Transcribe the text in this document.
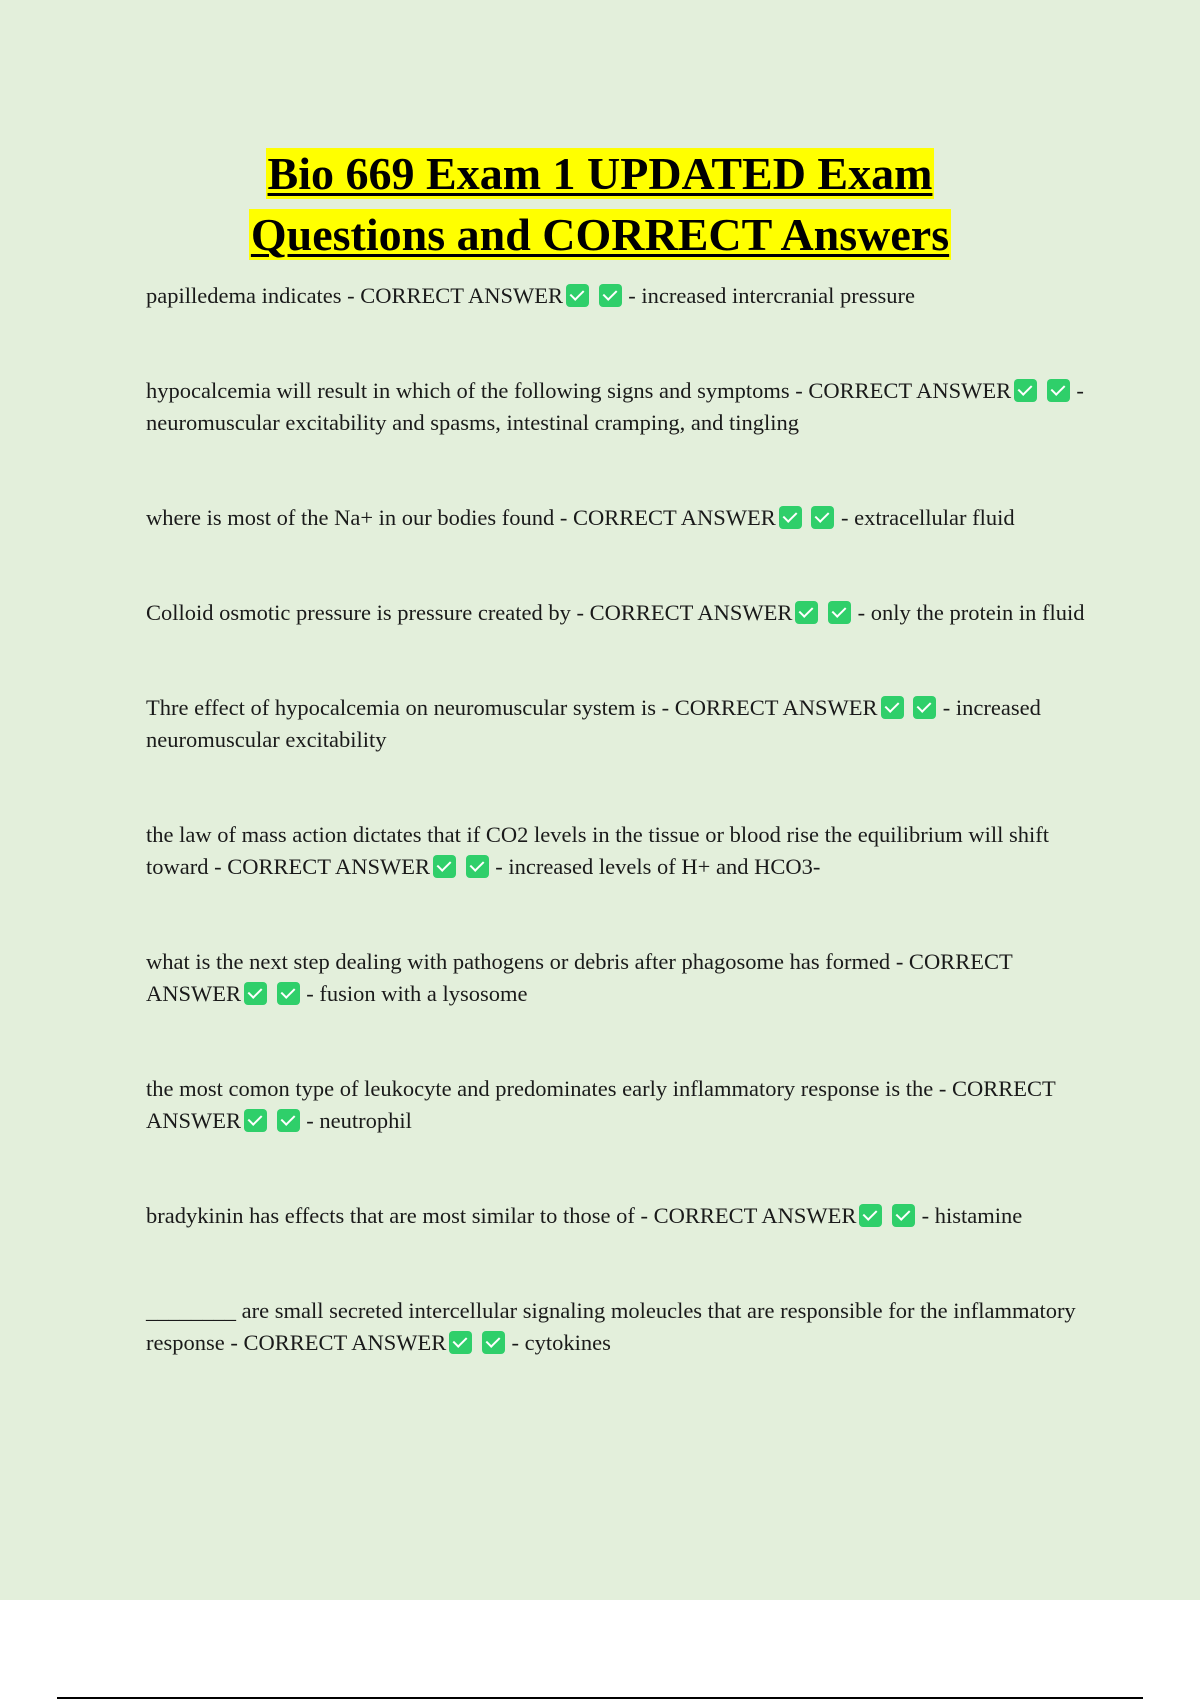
Bio 669 Exam 1 UPDATED Exam
Questions and CORRECT Answers

papilledema indicates - CORRECT ANSWER	- increased intercranial pressure

hypocalcemia will result in which of the following signs and symptoms - CORRECT ANSWER	- neuromuscular excitability and spasms, intestinal cramping, and tingling

where is most of the Na+ in our bodies found - CORRECT ANSWER	- extracellular fluid

Colloid osmotic pressure is pressure created by - CORRECT ANSWER	- only the protein in fluid

Thre effect of hypocalcemia on neuromuscular system is - CORRECT ANSWER	- increased neuromuscular excitability

the law of mass action dictates that if CO2 levels in the tissue or blood rise the equilibrium will shift toward - CORRECT ANSWER	- increased levels of H+ and HCO3-

what is the next step dealing with pathogens or debris after phagosome has formed - CORRECT ANSWER	- fusion with a lysosome

the most comon type of leukocyte and predominates early inflammatory response is the - CORRECT ANSWER	- neutrophil

bradykinin has effects that are most similar to those of - CORRECT ANSWER	- histamine

________ are small secreted intercellular signaling moleucles that are responsible for the inflammatory response - CORRECT ANSWER	- cytokines
